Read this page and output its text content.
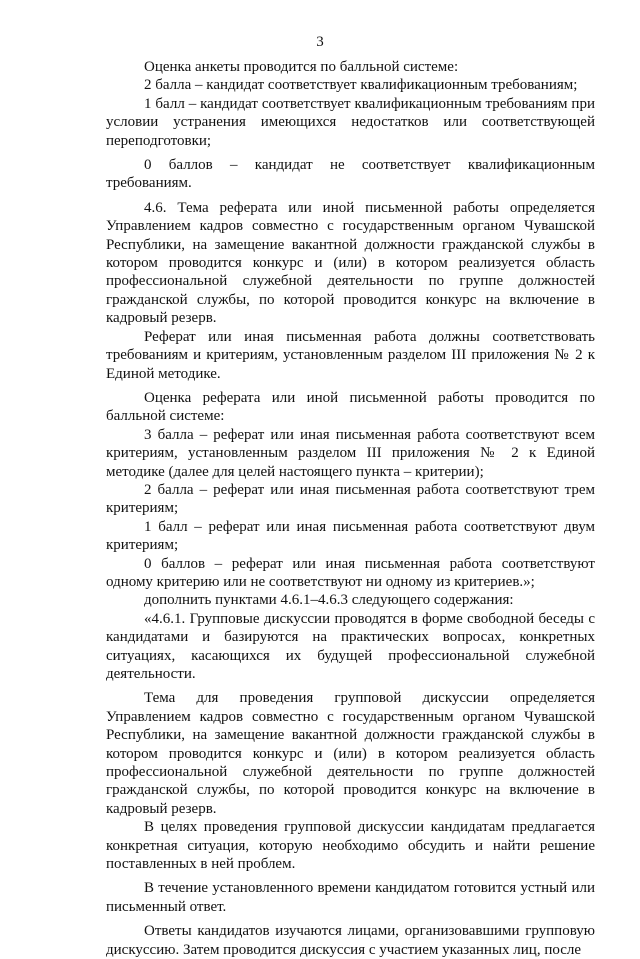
3

Оценка анкеты проводится по балльной системе:

2 балла – кандидат соответствует квалификационным требованиям;

1 балл – кандидат соответствует квалификационным требованиям при условии устранения имеющихся недостатков или соответствующей переподготовки;

0 баллов – кандидат не соответствует квалификационным требованиям.

4.6. Тема реферата или иной письменной работы определяется Управлением кадров совместно с государственным органом Чувашской Республики, на замещение вакантной должности гражданской службы в котором проводится конкурс и (или) в котором реализуется область профессиональной служебной деятельности по группе должностей гражданской службы, по которой проводится конкурс на включение в кадровый резерв.

Реферат или иная письменная работа должны соответствовать требованиям и критериям, установленным разделом III приложения № 2 к Единой методике.

Оценка реферата или иной письменной работы проводится по балльной системе:

3 балла – реферат или иная письменная работа соответствуют всем критериям, установленным разделом III приложения № 2 к Единой методике (далее для целей настоящего пункта – критерии);

2 балла – реферат или иная письменная работа соответствуют трем критериям;

1 балл – реферат или иная письменная работа соответствуют двум критериям;

0 баллов – реферат или иная письменная работа соответствуют одному критерию или не соответствуют ни одному из критериев.»;

дополнить пунктами 4.6.1–4.6.3 следующего содержания:

«4.6.1. Групповые дискуссии проводятся в форме свободной беседы с кандидатами и базируются на практических вопросах, конкретных ситуациях, касающихся их будущей профессиональной служебной деятельности.

Тема для проведения групповой дискуссии определяется Управлением кадров совместно с государственным органом Чувашской Республики, на замещение вакантной должности гражданской службы в котором проводится конкурс и (или) в котором реализуется область профессиональной служебной деятельности по группе должностей гражданской службы, по которой проводится конкурс на включение в кадровый резерв.

В целях проведения групповой дискуссии кандидатам предлагается конкретная ситуация, которую необходимо обсудить и найти решение поставленных в ней проблем.

В течение установленного времени кандидатом готовится устный или письменный ответ.

Ответы кандидатов изучаются лицами, организовавшими групповую дискуссию. Затем проводится дискуссия с участием указанных лиц, после
